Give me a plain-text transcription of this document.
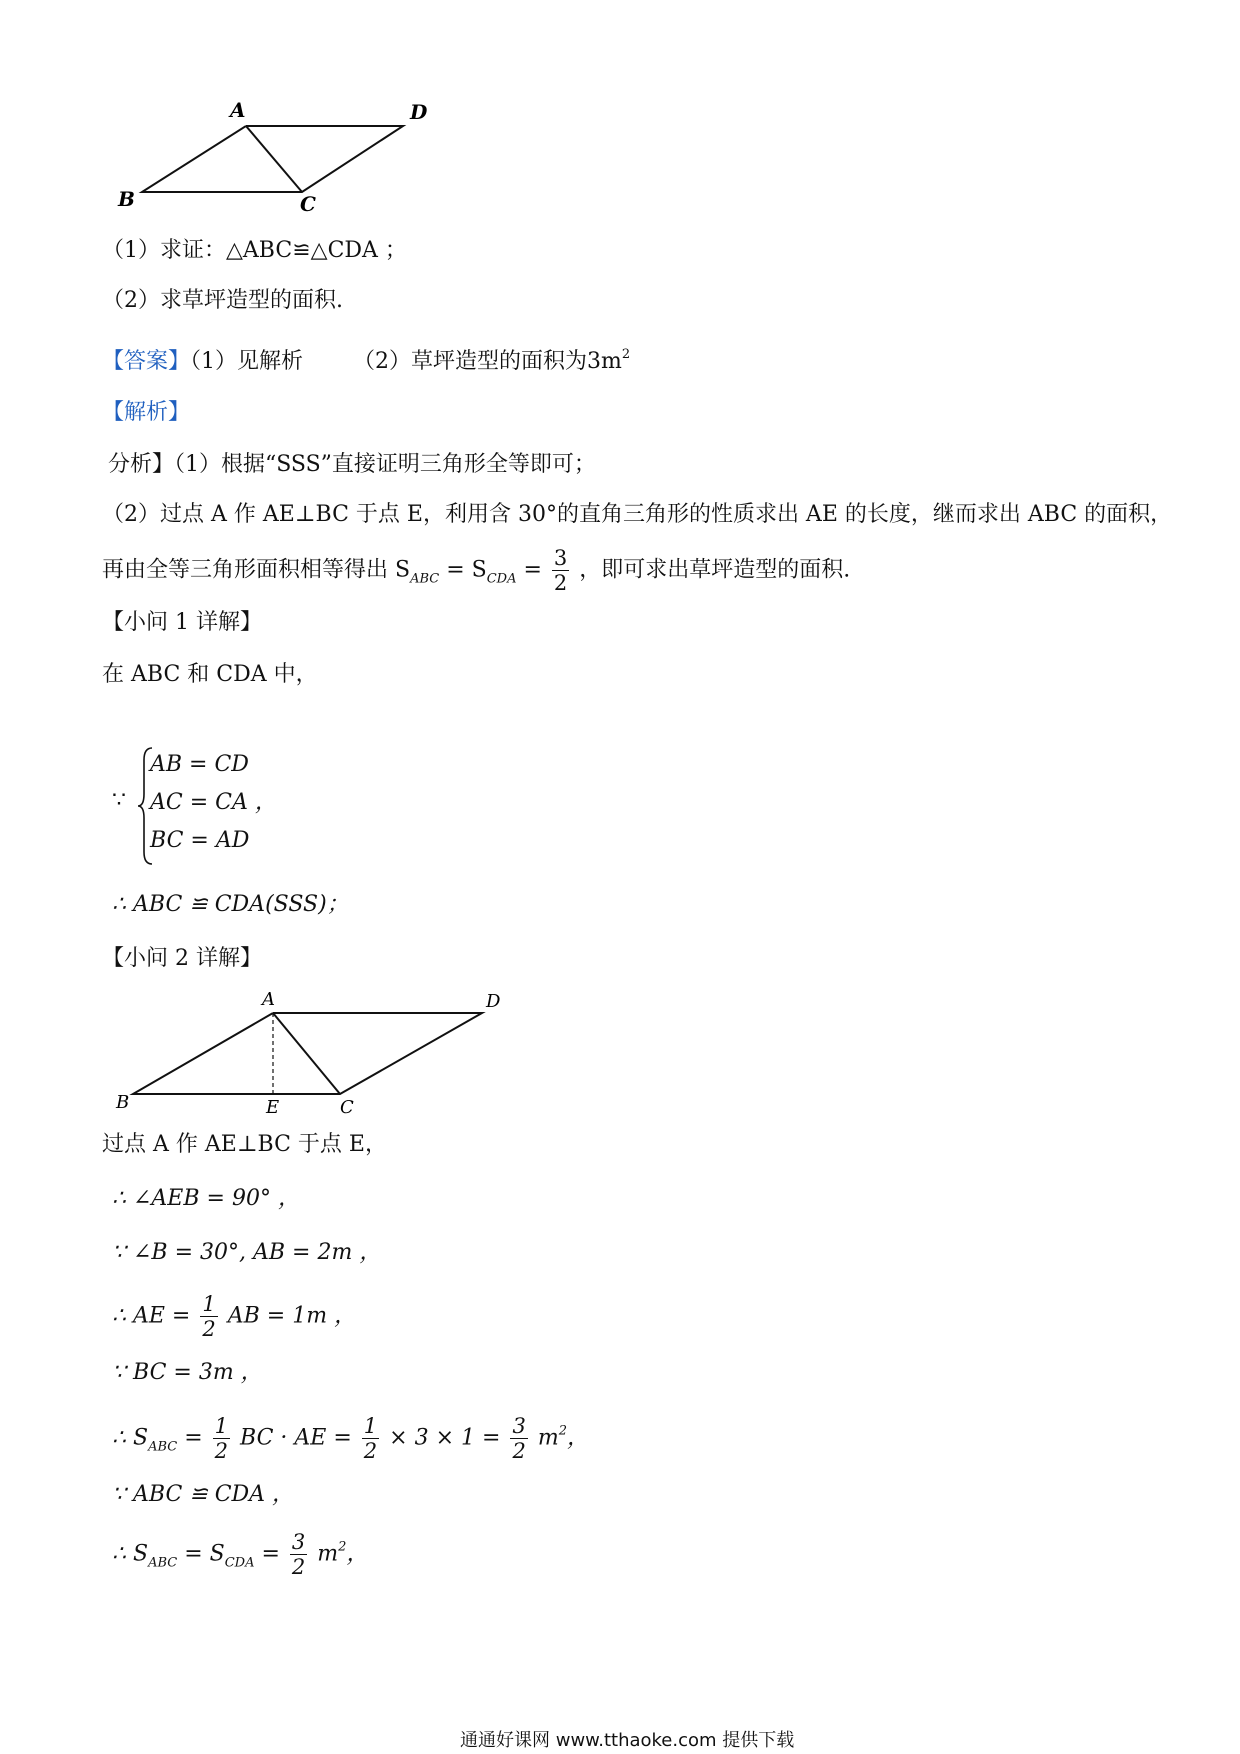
A	D
B	C
（1）求证：△ABC≌△CDA ；
（2）求草坪造型的面积.
【答案】（1）见解析 （2）草坪造型的面积为$3m^2$
【解析】
分析】（1）根据“SSS”直接证明三角形全等即可；
（2）过点 A 作 AE⊥BC 于点 E，利用含 30°的直角三角形的性质求出 AE 的长度，继而求出 ABC 的面积，
再由全等三角形面积相等得出 $S_{ABC} = S_{CDA} = \frac{3}{2}$ ，即可求出草坪造型的面积.
【小问 1 详解】
在 ABC 和 CDA 中，
∵
AB = CD
AC = CA ，
BC = AD
∴ ABC ≌ CDA(SSS)；
【小问 2 详解】
A	D
B	E	C
过点 A 作 AE⊥BC 于点 E，
∴ ∠AEB = 90° ，
∵ ∠B = 30°, AB = 2m ，
∴ AE = $\frac{1}{2}$ AB = 1m ，
∵ BC = 3m ，
∴ $S_{ABC} = \frac{1}{2}$ BC · AE = $\frac{1}{2} \times 3 \times 1 = \frac{3}{2} m^2$，
∵ ABC ≌ CDA ，
∴ $S_{ABC} = S_{CDA} = \frac{3}{2} m^2$，
通通好课网 www.tthaoke.com 提供下载
